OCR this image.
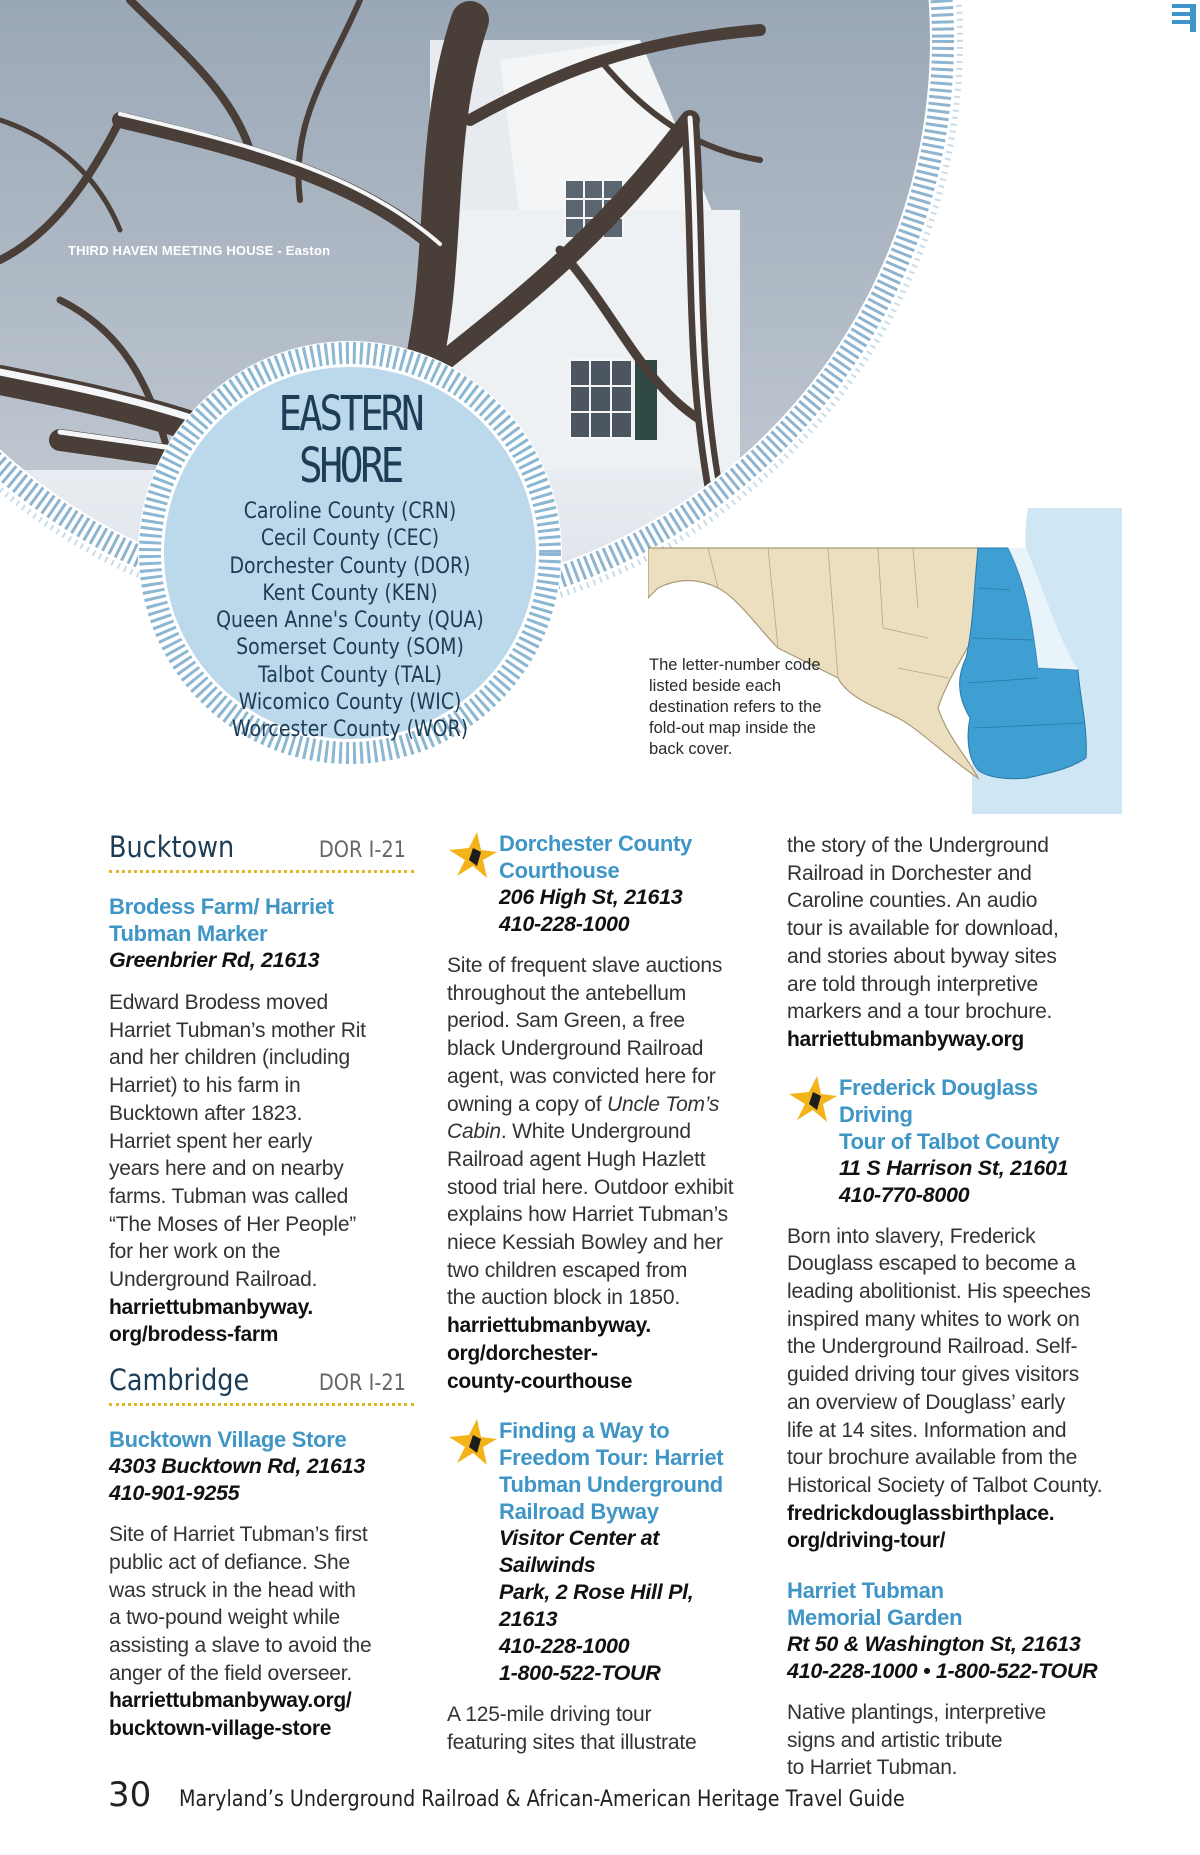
THIRD HAVEN MEETING HOUSE - Easton
EASTERN
SHORE
Caroline County (CRN)
Cecil County (CEC)
Dorchester County (DOR)
Kent County (KEN)
Queen Anne's County (QUA)
Somerset County (SOM)
Talbot County (TAL)
Wicomico County (WIC)
Worcester County (WOR)
The letter-number code listed beside each destination refers to the fold-out map inside the back cover.
Bucktown	DOR I-21
Brodess Farm/ Harriet
Tubman Marker
Greenbrier Rd, 21613
Edward Brodess moved
Harriet Tubman’s mother Rit
and her children (including
Harriet) to his farm in
Bucktown after 1823.
Harriet spent her early
years here and on nearby
farms. Tubman was called
“The Moses of Her People”
for her work on the
Underground Railroad.
harriettubmanbyway.
org/brodess-farm
Cambridge	DOR I-21
Bucktown Village Store
4303 Bucktown Rd, 21613
410-901-9255
Site of Harriet Tubman’s first
public act of defiance. She
was struck in the head with
a two-pound weight while
assisting a slave to avoid the
anger of the field overseer.
harriettubmanbyway.org/
bucktown-village-store
Dorchester County
Courthouse
206 High St, 21613
410-228-1000
Site of frequent slave auctions
throughout the antebellum
period. Sam Green, a free
black Underground Railroad
agent, was convicted here for
owning a copy of Uncle Tom’s
Cabin. White Underground
Railroad agent Hugh Hazlett
stood trial here. Outdoor exhibit
explains how Harriet Tubman’s
niece Kessiah Bowley and her
two children escaped from
the auction block in 1850.
harriettubmanbyway.
org/dorchester-
county-courthouse
Finding a Way to
Freedom Tour: Harriet
Tubman Underground
Railroad Byway
Visitor Center at Sailwinds
Park, 2 Rose Hill Pl, 21613
410-228-1000
1-800-522-TOUR
A 125-mile driving tour
featuring sites that illustrate
the story of the Underground
Railroad in Dorchester and
Caroline counties. An audio
tour is available for download,
and stories about byway sites
are told through interpretive
markers and a tour brochure.
harriettubmanbyway.org
Frederick Douglass Driving
Tour of Talbot County
11 S Harrison St, 21601
410-770-8000
Born into slavery, Frederick
Douglass escaped to become a
leading abolitionist. His speeches
inspired many whites to work on
the Underground Railroad. Self-
guided driving tour gives visitors
an overview of Douglass’ early
life at 14 sites. Information and
tour brochure available from the
Historical Society of Talbot County.
fredrickdouglassbirthplace.
org/driving-tour/
Harriet Tubman
Memorial Garden
Rt 50 & Washington St, 21613
410-228-1000 • 1-800-522-TOUR
Native plantings, interpretive
signs and artistic tribute
to Harriet Tubman.
30 Maryland’s Underground Railroad & African-American Heritage Travel Guide
